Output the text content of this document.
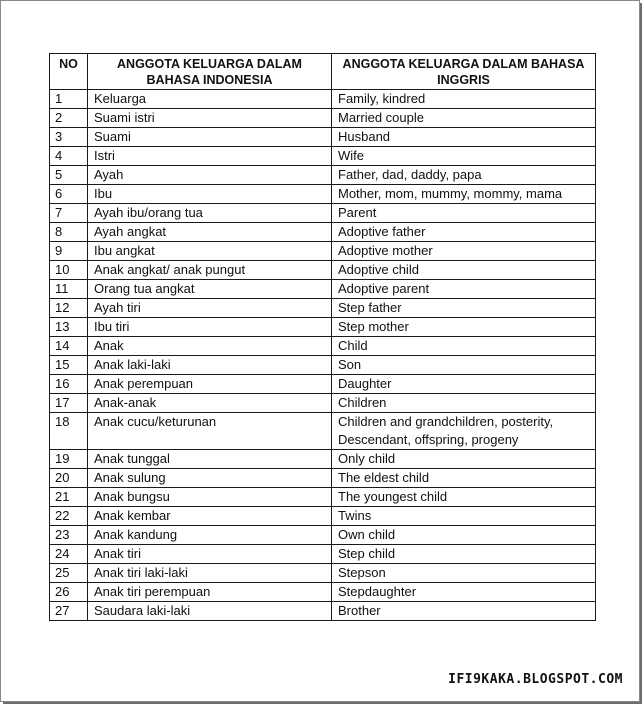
NO	ANGGOTA KELUARGA DALAM BAHASA INDONESIA	ANGGOTA KELUARGA DALAM BAHASA INGGRIS
1	Keluarga	Family, kindred
2	Suami istri	Married couple
3	Suami	Husband
4	Istri	Wife
5	Ayah	Father, dad, daddy, papa
6	Ibu	Mother, mom, mummy, mommy, mama
7	Ayah ibu/orang tua	Parent
8	Ayah angkat	Adoptive father
9	Ibu angkat	Adoptive mother
10	Anak angkat/ anak pungut	Adoptive child
11	Orang tua angkat	Adoptive parent
12	Ayah tiri	Step father
13	Ibu tiri	Step mother
14	Anak	Child
15	Anak laki-laki	Son
16	Anak perempuan	Daughter
17	Anak-anak	Children
18	Anak cucu/keturunan	Children and grandchildren, posterity, Descendant, offspring, progeny
19	Anak tunggal	Only child
20	Anak sulung	The eldest child
21	Anak bungsu	The youngest child
22	Anak kembar	Twins
23	Anak kandung	Own child
24	Anak tiri	Step child
25	Anak tiri laki-laki	Stepson
26	Anak tiri perempuan	Stepdaughter
27	Saudara laki-laki	Brother
IFI9KAKA.BLOGSPOT.COM
